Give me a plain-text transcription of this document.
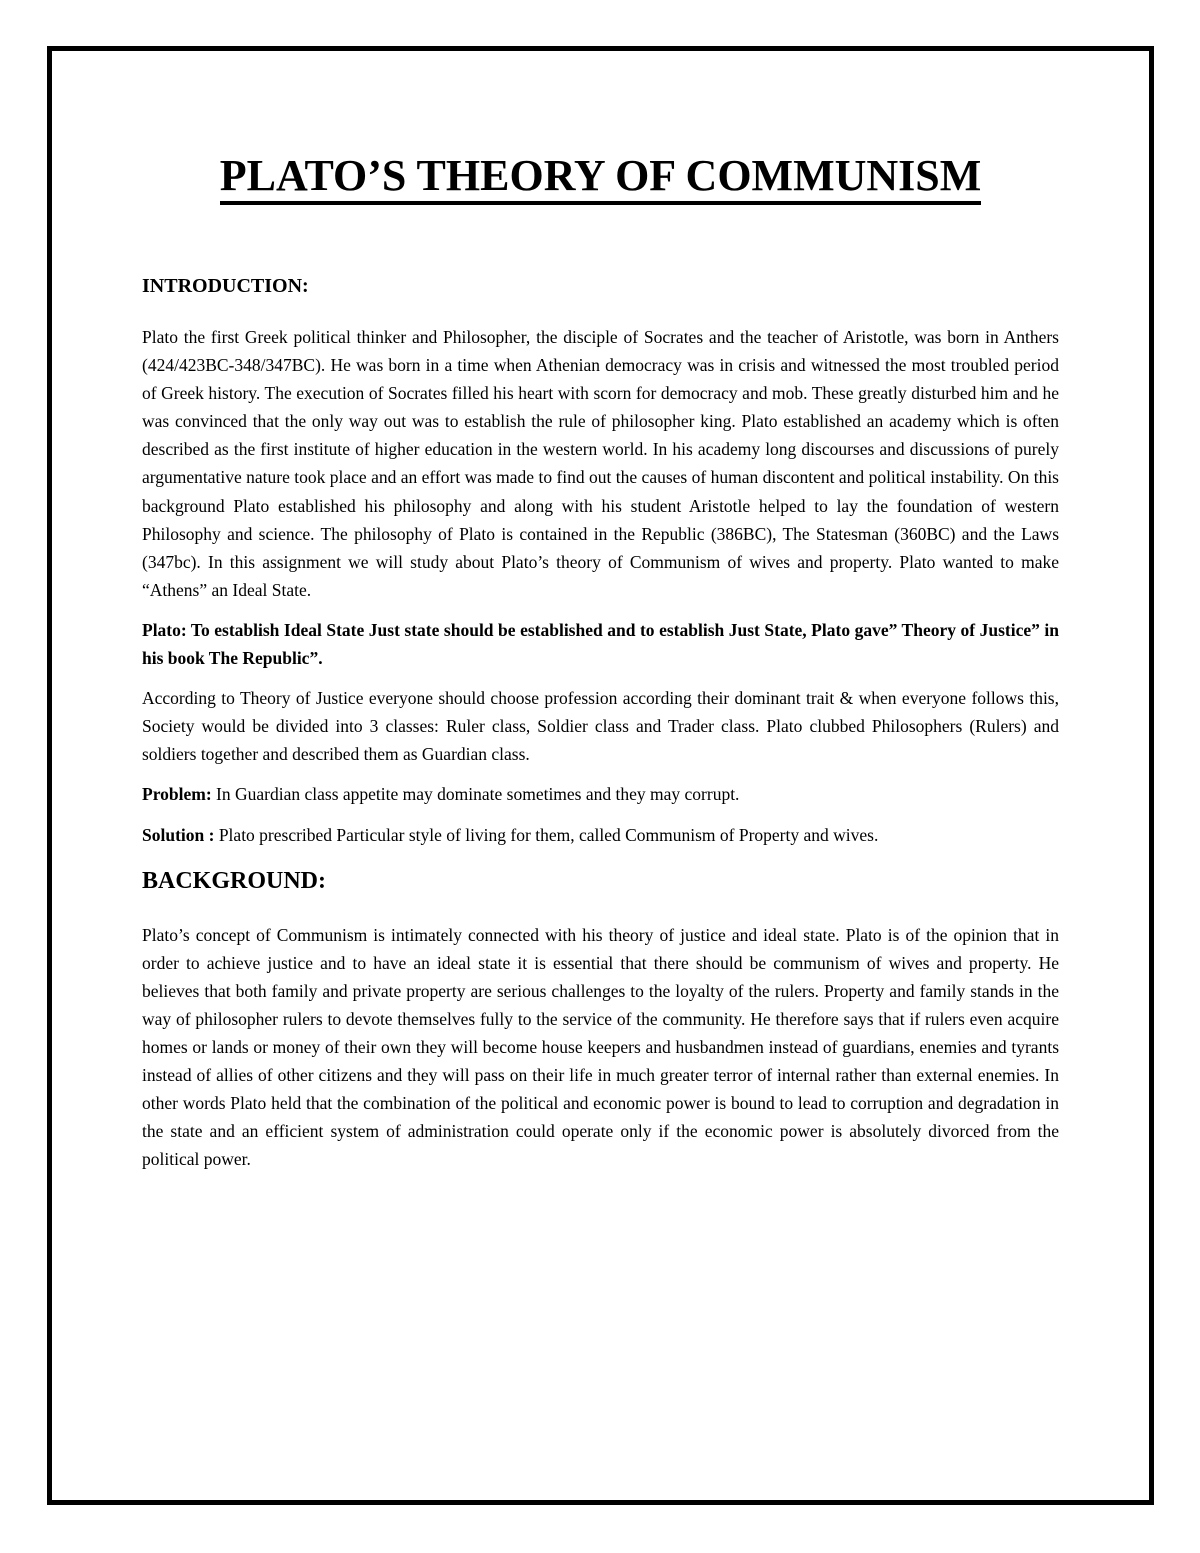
PLATO’S THEORY OF COMMUNISM
INTRODUCTION:

Plato the first Greek political thinker and Philosopher, the disciple of Socrates and the teacher of Aristotle, was born in Anthers (424/423BC-348/347BC). He was born in a time when Athenian democracy was in crisis and witnessed the most troubled period of Greek history. The execution of Socrates filled his heart with scorn for democracy and mob. These greatly disturbed him and he was convinced that the only way out was to establish the rule of philosopher king. Plato established an academy which is often described as the first institute of higher education in the western world. In his academy long discourses and discussions of purely argumentative nature took place and an effort was made to find out the causes of human discontent and political instability. On this background Plato established his philosophy and along with his student Aristotle helped to lay the foundation of western Philosophy and science. The philosophy of Plato is contained in the Republic (386BC), The Statesman (360BC) and the Laws (347bc). In this assignment we will study about Plato’s theory of Communism of wives and property. Plato wanted to make “Athens” an Ideal State.

Plato: To establish Ideal State Just state should be established and to establish Just State, Plato gave” Theory of Justice” in his book The Republic”.

According to Theory of Justice everyone should choose profession according their dominant trait & when everyone follows this, Society would be divided into 3 classes: Ruler class, Soldier class and Trader class. Plato clubbed Philosophers (Rulers) and soldiers together and described them as Guardian class.

Problem: In Guardian class appetite may dominate sometimes and they may corrupt.

Solution : Plato prescribed Particular style of living for them, called Communism of Property and wives.

BACKGROUND:

Plato’s concept of Communism is intimately connected with his theory of justice and ideal state. Plato is of the opinion that in order to achieve justice and to have an ideal state it is essential that there should be communism of wives and property. He believes that both family and private property are serious challenges to the loyalty of the rulers. Property and family stands in the way of philosopher rulers to devote themselves fully to the service of the community. He therefore says that if rulers even acquire homes or lands or money of their own they will become house keepers and husbandmen instead of guardians, enemies and tyrants instead of allies of other citizens and they will pass on their life in much greater terror of internal rather than external enemies. In other words Plato held that the combination of the political and economic power is bound to lead to corruption and degradation in the state and an efficient system of administration could operate only if the economic power is absolutely divorced from the political power.
